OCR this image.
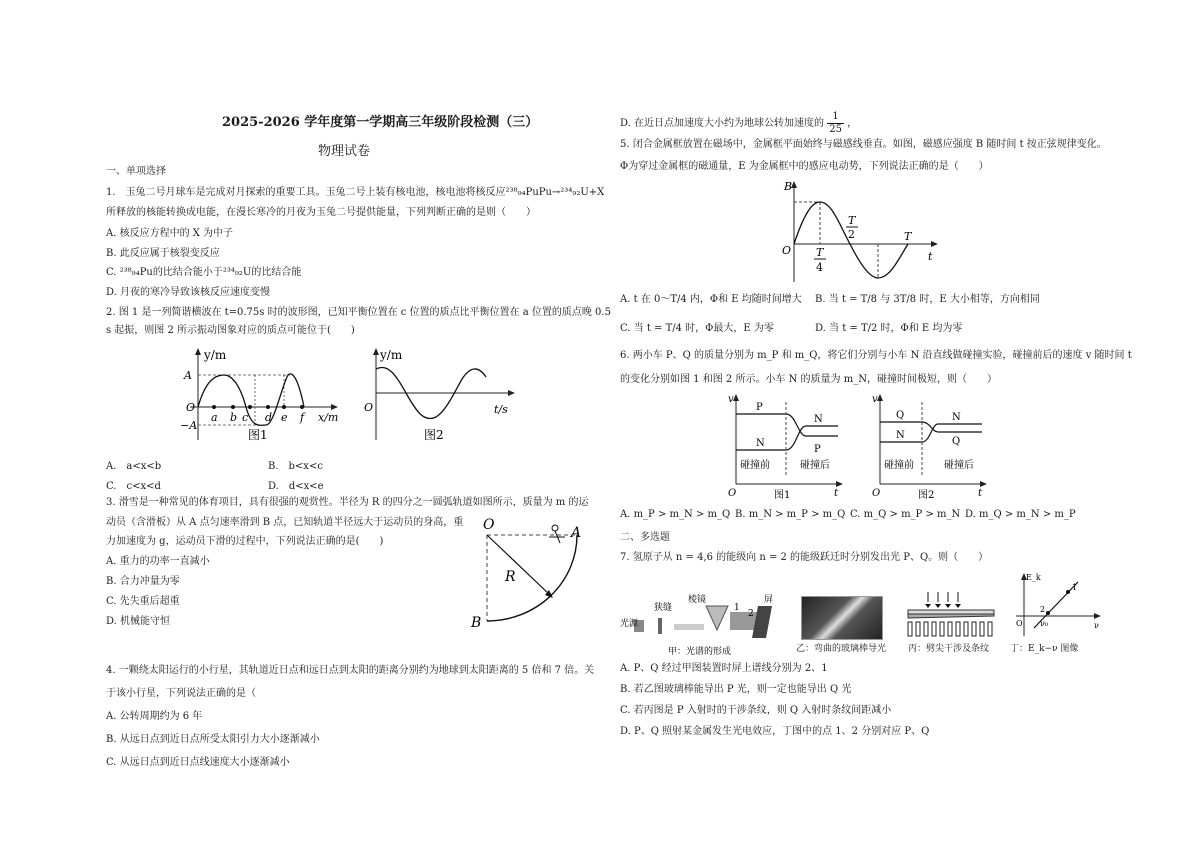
2025-2026 学年度第一学期高三年级阶段检测（三）
物理试卷
一、单项选择
1.　玉兔二号月球车是完成对月探索的重要工具。玉兔二号上装有核电池，核电池将核反应²³⁸₉₄PuPu→²³⁴₉₂U+X
所释放的核能转换成电能，在漫长寒冷的月夜为玉兔二号提供能量，下列判断正确的是则（　　）
A. 核反应方程中的 X 为中子
B. 此反应属于核裂变反应
C. ²³⁸₉₄Pu的比结合能小于²³⁴₉₂U的比结合能
D. 月夜的寒冷导致该核反应速度变慢
2. 图 1 是一列简谐横波在 t=0.75s 时的波形图，已知平衡位置在 c 位置的质点比平衡位置在 a 位置的质点晚 0.5
s 起振，则图 2 所示振动图象对应的质点可能位于(　　)
y/m
A
O
−A
a b c d e f x/m
图1
y/m
O	t/s
图2
A.　a<x<b	B.　b<x<c
C.　c<x<d	D.　d<x<e
3. 滑雪是一种常见的体育项目，具有很强的观赏性。半径为 R 的四分之一圆弧轨道如图所示，质量为 m 的运
动员（含滑板）从 A 点匀速率滑到 B 点，已知轨道半径远大于运动员的身高，重
力加速度为 g，运动员下滑的过程中，下列说法正确的是(　　)
A. 重力的功率一直减小
B. 合力冲量为零
C. 先失重后超重
D. 机械能守恒
O	A
B
R
4. 一颗绕太阳运行的小行星，其轨道近日点和远日点到太阳的距离分别约为地球到太阳距离的 5 倍和 7 倍。关
于该小行星，下列说法正确的是（
A. 公转周期约为 6 年
B. 从远日点到近日点所受太阳引力大小逐渐减小
C. 从远日点到近日点线速度大小逐渐减小
D. 在近日点加速度大小约为地球公转加速度的 $\frac{1}{25}$ ，
5. 闭合金属框放置在磁场中，金属框平面始终与磁感线垂直。如图，磁感应强度 B 随时间 t 按正弦规律变化。
Φ为穿过金属框的磁通量，E 为金属框中的感应电动势，下列说法正确的是（　　）
B
O	t
T
T
2
T
4
A. t 在 0～T/4 内，Φ和 E 均随时间增大 B. 当 t = T/8 与 3T/8 时，E 大小相等，方向相同
C. 当 t = T/4 时，Φ最大，E 为零	D. 当 t = T/2 时，Φ和 E 均为零
6. 两小车 P、Q 的质量分别为 m_P 和 m_Q，将它们分别与小车 N 沿直线做碰撞实验，碰撞前后的速度 v 随时间 t
的变化分别如图 1 和图 2 所示。小车 N 的质量为 m_N，碰撞时间极短，则（　　）
v
O	t
P
N
N
P
碰撞前	碰撞后
图1
v
O	t
Q
N
N
Q
碰撞前	碰撞后
图2
A. m_P > m_N > m_Q B. m_N > m_P > m_Q C. m_Q > m_P > m_N D. m_Q > m_N > m_P
二、多选题
7. 氢原子从 n = 4,6 的能级向 n = 2 的能级跃迁时分别发出光 P、Q。则（　　）
光源
狭缝
棱镜	屏
1
2
甲：光谱的形成	乙：弯曲的玻璃棒导光 丙：劈尖干涉及条纹
E_k
ν
ν₀
O
1
2
丁：E_k−ν 图像
A. P、Q 经过甲图装置时屏上谱线分别为 2、1
B. 若乙图玻璃棒能导出 P 光，则一定也能导出 Q 光
C. 若丙图是 P 入射时的干涉条纹，则 Q 入射时条纹间距减小
D. P、Q 照射某金属发生光电效应，丁图中的点 1、2 分别对应 P、Q
